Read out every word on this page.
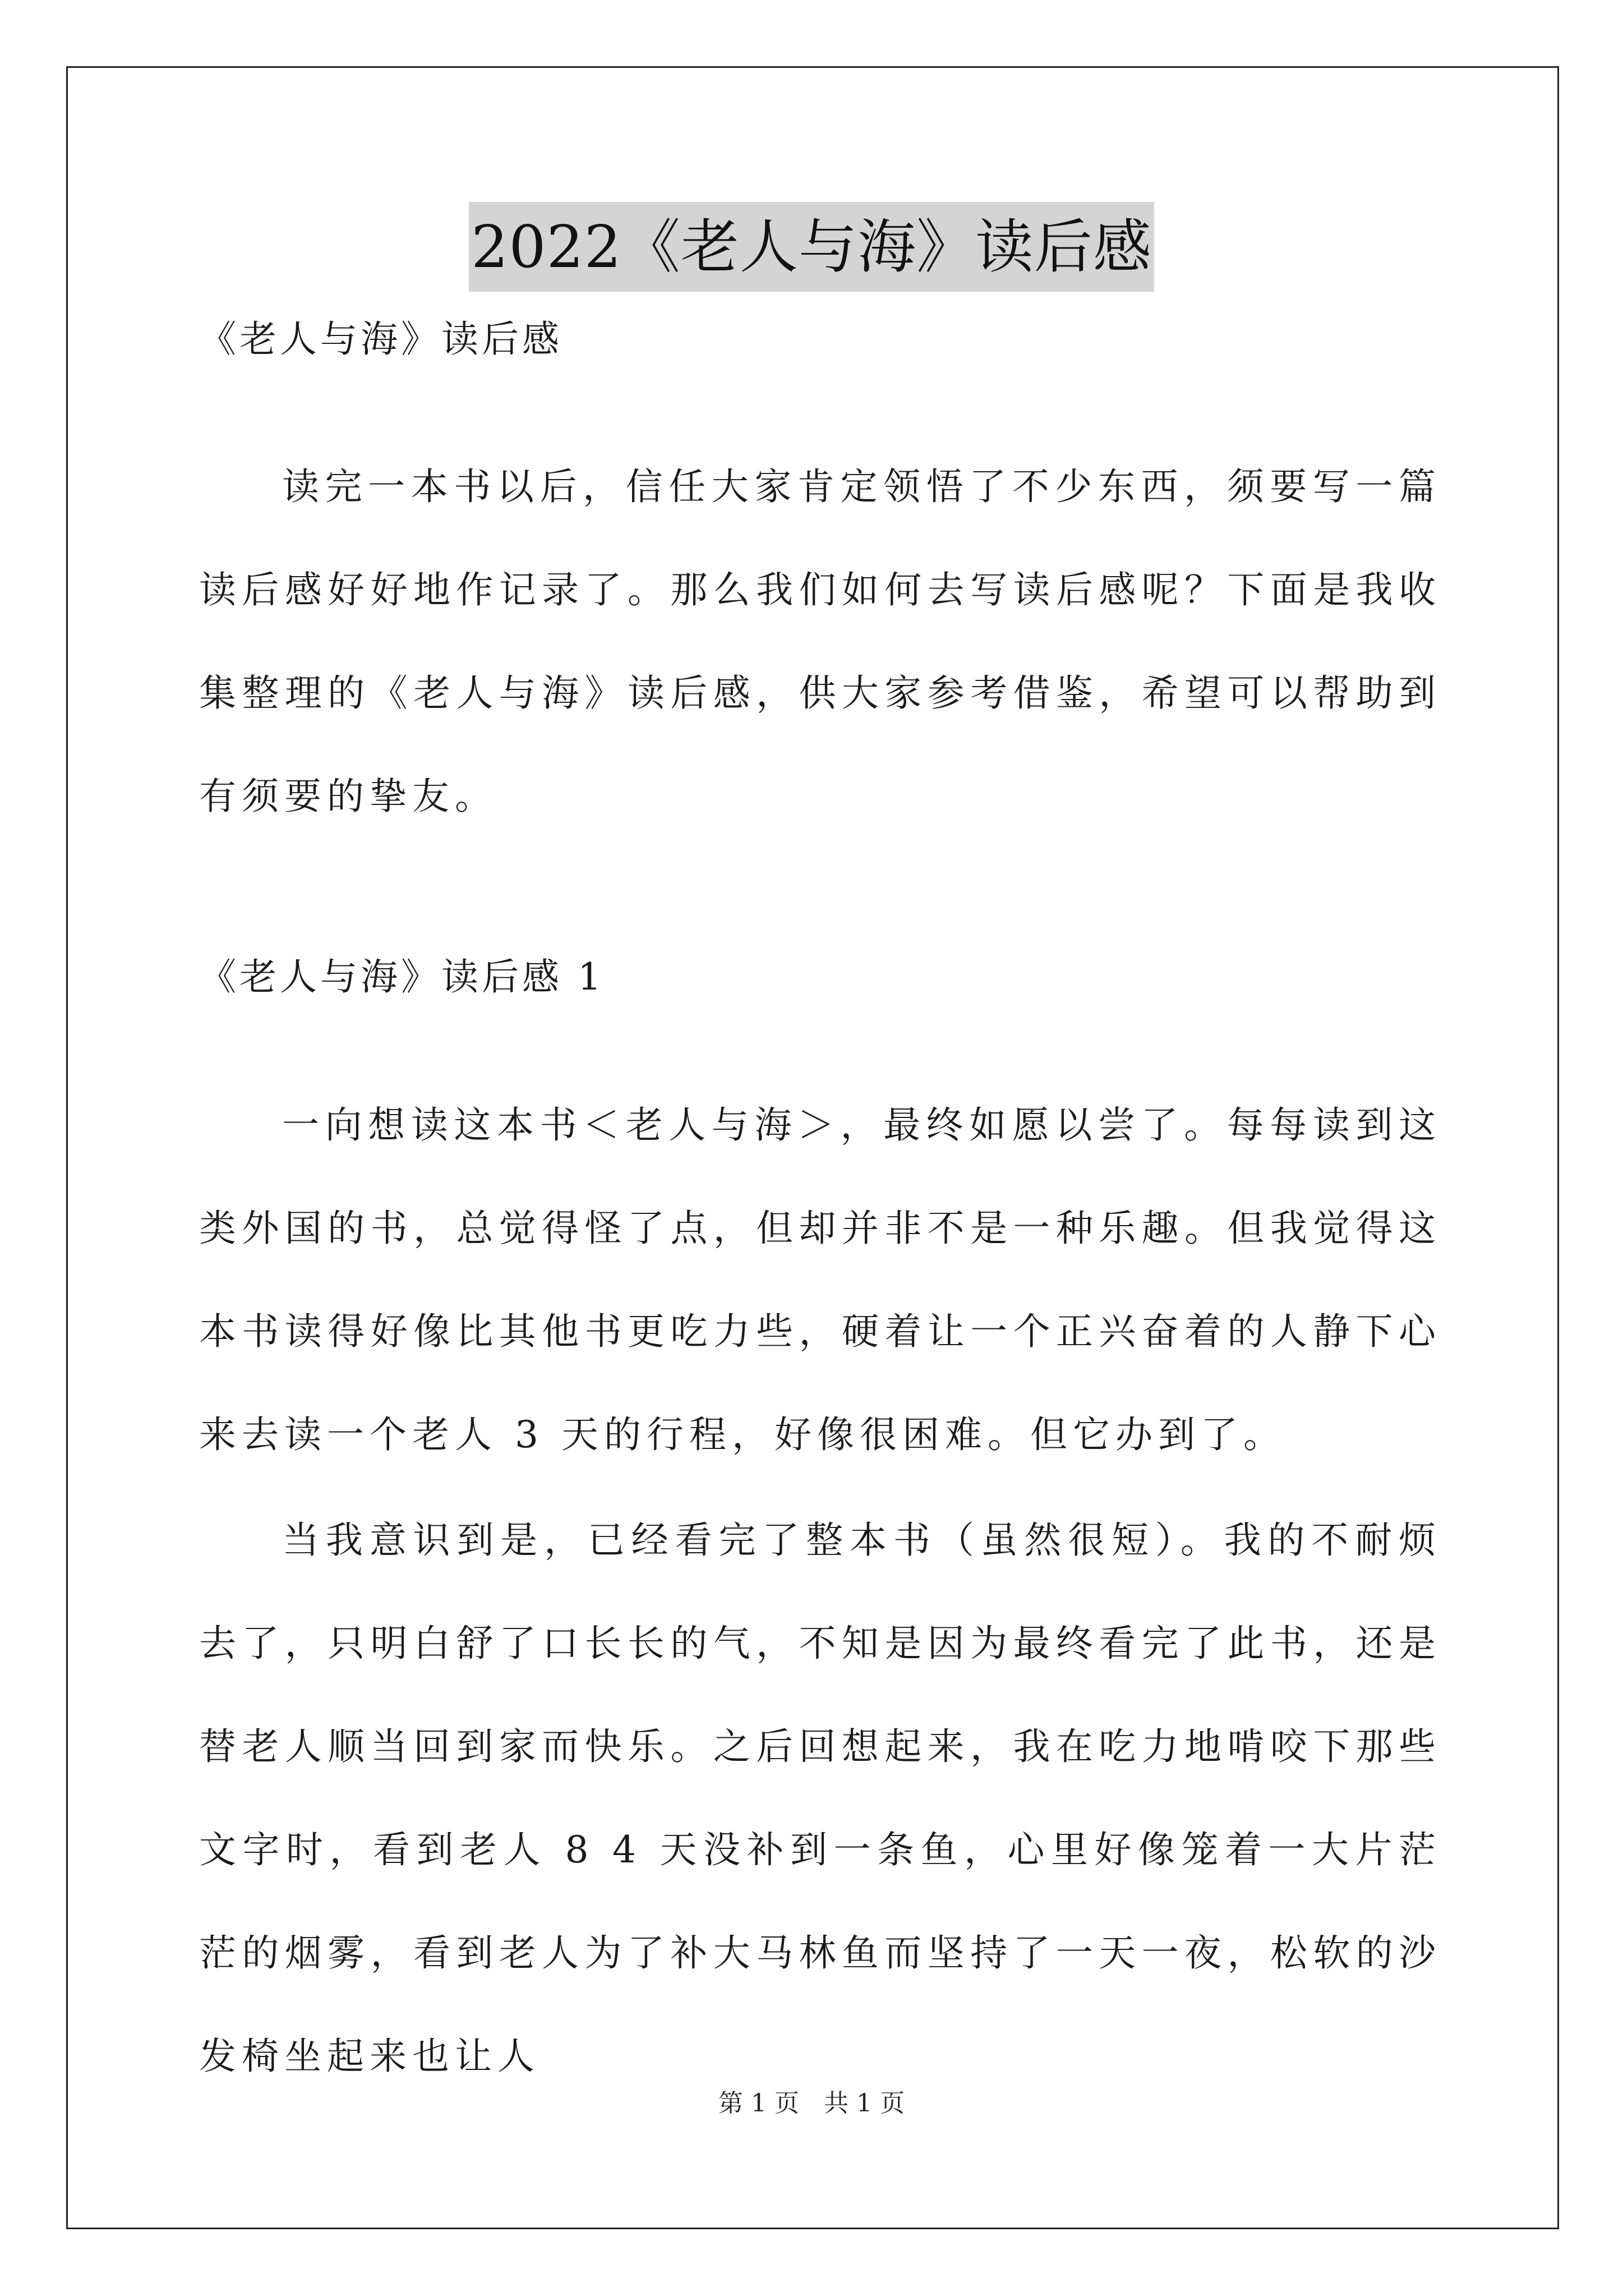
2022《老人与海》读后感

《老人与海》读后感

读完一本书以后，信任大家肯定领悟了不少东西，须要写一篇读后感好好地作记录了。那么我们如何去写读后感呢？下面是我收集整理的《老人与海》读后感，供大家参考借鉴，希望可以帮助到有须要的挚友。

《老人与海》读后感 1

一向想读这本书＜老人与海＞，最终如愿以尝了。每每读到这类外国的书，总觉得怪了点，但却并非不是一种乐趣。但我觉得这本书读得好像比其他书更吃力些，硬着让一个正兴奋着的人静下心来去读一个老人 3 天的行程，好像很困难。但它办到了。

当我意识到是，已经看完了整本书（虽然很短）。我的不耐烦去了，只明白舒了口长长的气，不知是因为最终看完了此书，还是替老人顺当回到家而快乐。之后回想起来，我在吃力地啃咬下那些文字时，看到老人 8 4 天没补到一条鱼，心里好像笼着一大片茫茫的烟雾，看到老人为了补大马林鱼而坚持了一天一夜，松软的沙发椅坐起来也让人

第 1 页　共 1 页
